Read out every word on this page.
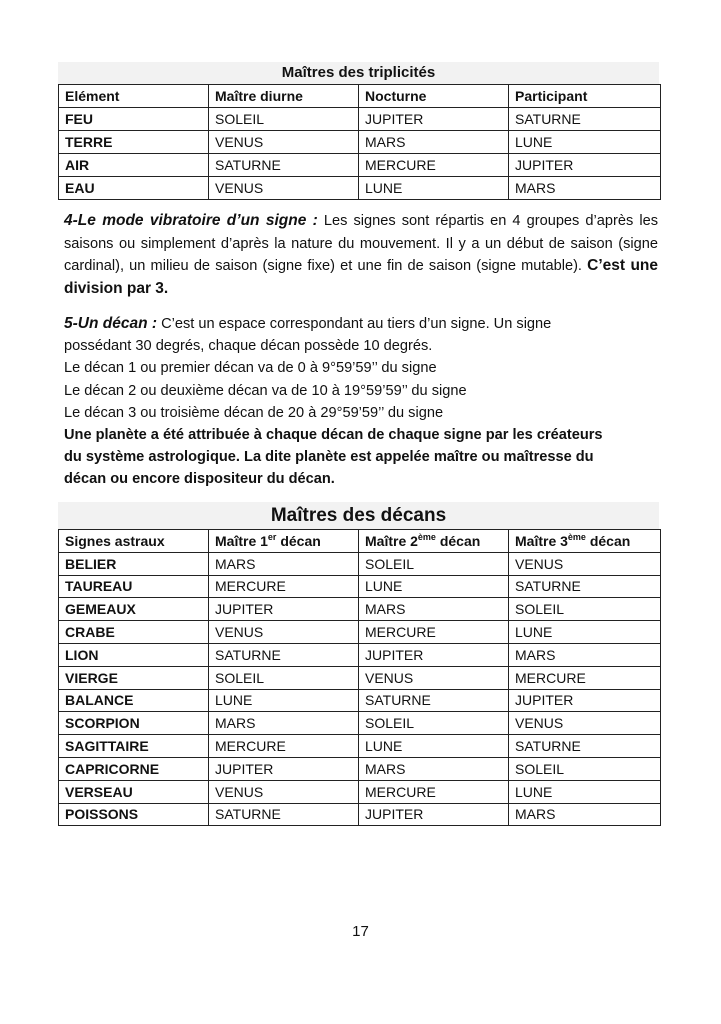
Maîtres des triplicités
Elément	Maître diurne	Nocturne	Participant
FEU	SOLEIL	JUPITER	SATURNE
TERRE	VENUS	MARS	LUNE
AIR	SATURNE	MERCURE	JUPITER
EAU	VENUS	LUNE	MARS

4-Le mode vibratoire d’un signe : Les signes sont répartis en 4 groupes d’après les saisons ou simplement d’après la nature du mouvement. Il y a un début de saison (signe cardinal), un milieu de saison (signe fixe) et une fin de saison (signe mutable). C’est une division par 3.

5-Un décan : C’est un espace correspondant au tiers d’un signe. Un signe
possédant 30 degrés, chaque décan possède 10 degrés.
Le décan 1 ou premier décan va de 0 à 9°59’59’’ du signe
Le décan 2 ou deuxième décan va de 10 à 19°59’59’’ du signe
Le décan 3 ou troisième décan de 20 à 29°59’59’’ du signe
Une planète a été attribuée à chaque décan de chaque signe par les créateurs
du système astrologique. La dite planète est appelée maître ou maîtresse du
décan ou encore dispositeur du décan.
Maîtres des décans
Signes astraux	Maître 1er décan	Maître 2ème décan	Maître 3ème décan
BELIER	MARS	SOLEIL	VENUS
TAUREAU	MERCURE	LUNE	SATURNE
GEMEAUX	JUPITER	MARS	SOLEIL
CRABE	VENUS	MERCURE	LUNE
LION	SATURNE	JUPITER	MARS
VIERGE	SOLEIL	VENUS	MERCURE
BALANCE	LUNE	SATURNE	JUPITER
SCORPION	MARS	SOLEIL	VENUS
SAGITTAIRE	MERCURE	LUNE	SATURNE
CAPRICORNE	JUPITER	MARS	SOLEIL
VERSEAU	VENUS	MERCURE	LUNE
POISSONS	SATURNE	JUPITER	MARS
17
